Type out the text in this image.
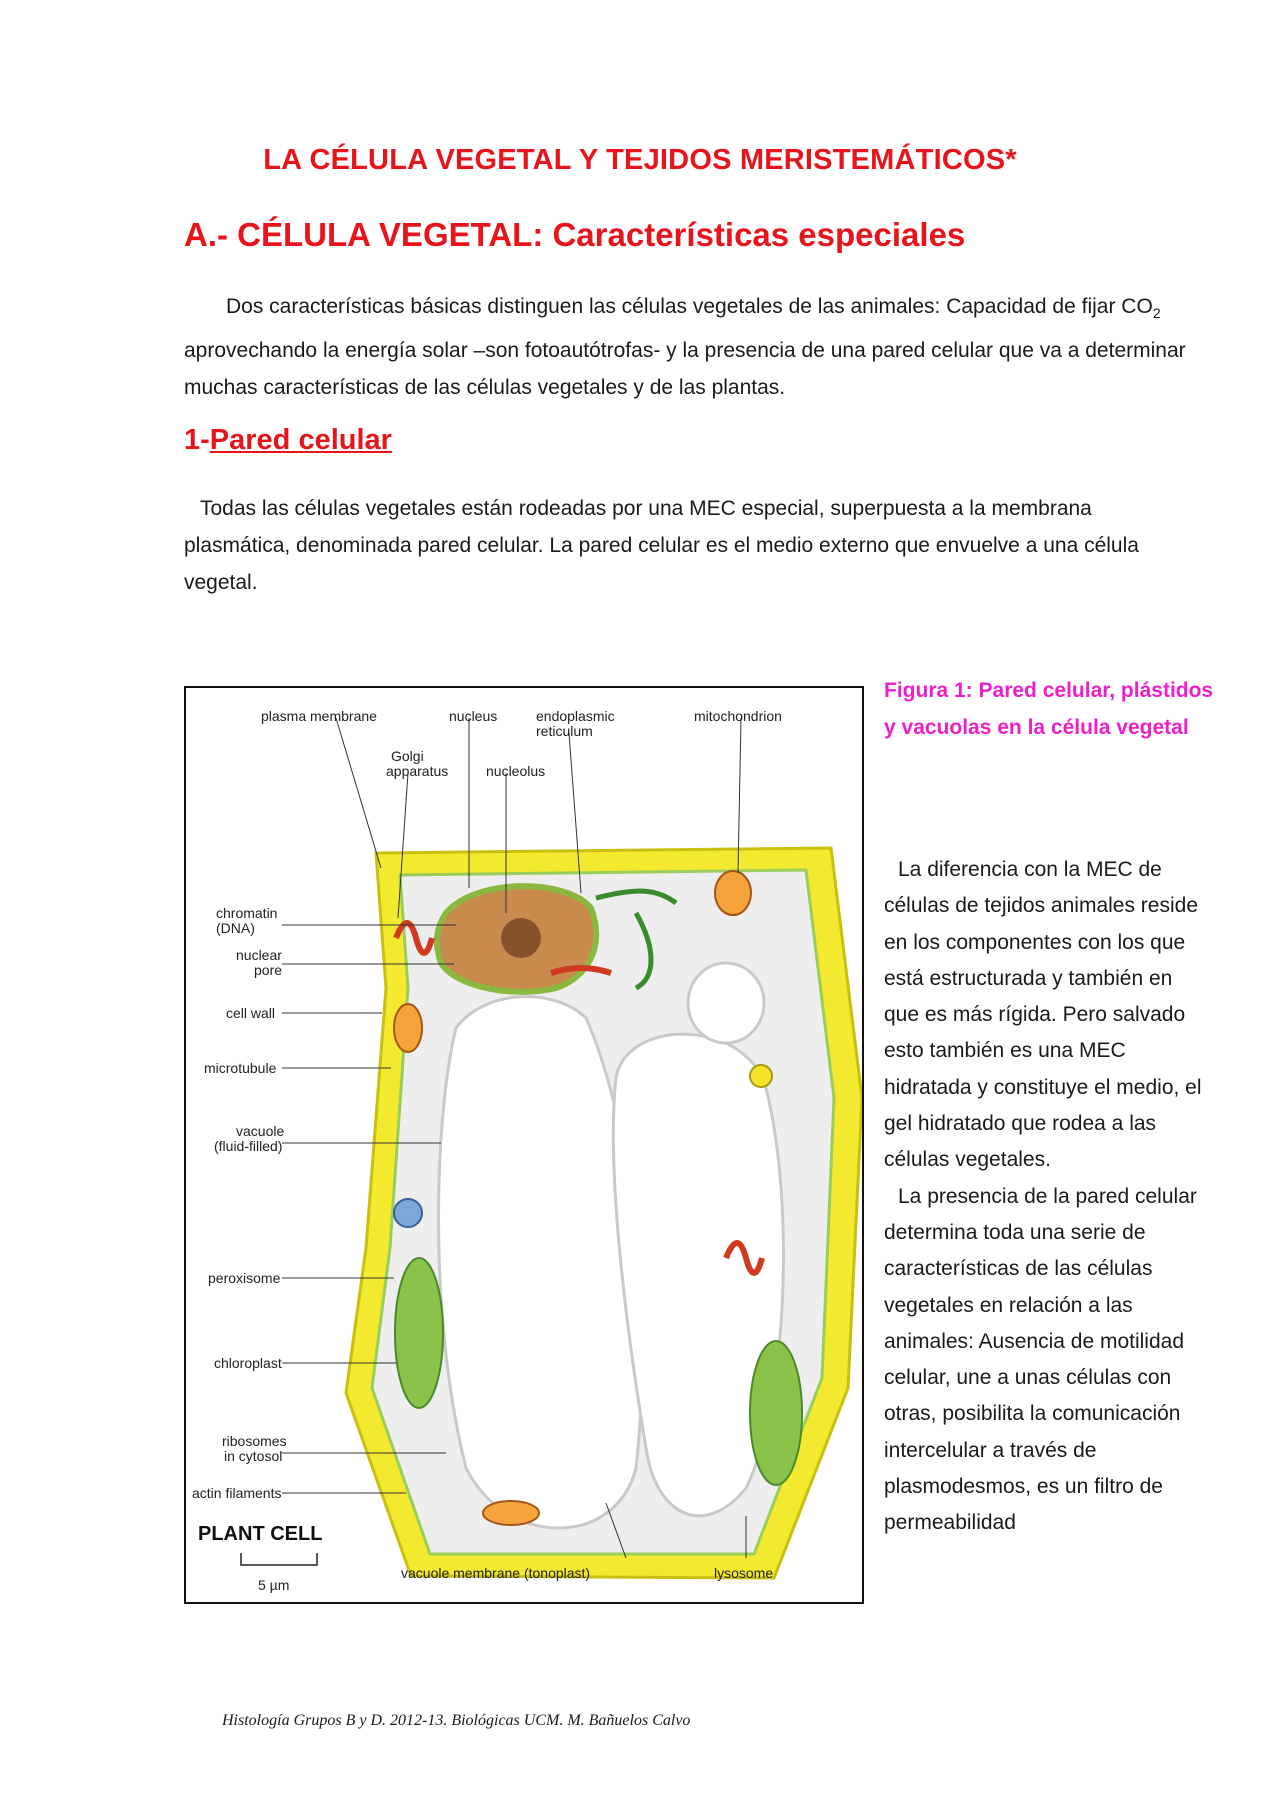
LA CÉLULA VEGETAL Y TEJIDOS MERISTEMÁTICOS*
A.- CÉLULA VEGETAL: Características especiales
Dos características básicas distinguen las células vegetales de las animales: Capacidad de fijar $CO_2$ aprovechando la energía solar –son fotoautótrofas- y la presencia de una pared celular que va a determinar muchas características de las células vegetales y de las plantas.
1-Pared celular
Todas las células vegetales están rodeadas por una MEC especial, superpuesta a la membrana plasmática, denominada pared celular. La pared celular es el medio externo que envuelve a una célula vegetal.
plasma membrane	nucleus	endoplasmic
reticulum
mitochondrion
Golgi
apparatus	nucleolus
chromatin
(DNA)
nuclear
pore
cell wall
microtubule
vacuole
(fluid-filled)
peroxisome
chloroplast
ribosomes
in cytosol
actin filaments
PLANT CELL
vacuole membrane (tonoplast)	lysosome
5 µm
Figura 1: Pared celular, plástidos y vacuolas en la célula vegetal

La diferencia con la MEC de células de tejidos animales reside en los componentes con los que está estructurada y también en que es más rígida. Pero salvado esto también es una MEC hidratada y constituye el medio, el gel hidratado que rodea a las células vegetales.

La presencia de la pared celular determina toda una serie de características de las células vegetales en relación a las animales: Ausencia de motilidad celular, une a unas células con otras, posibilita la comunicación intercelular a través de plasmodesmos, es un filtro de permeabilidad

Histología Grupos B y D. 2012-13. Biológicas UCM. M. Bañuelos Calvo
